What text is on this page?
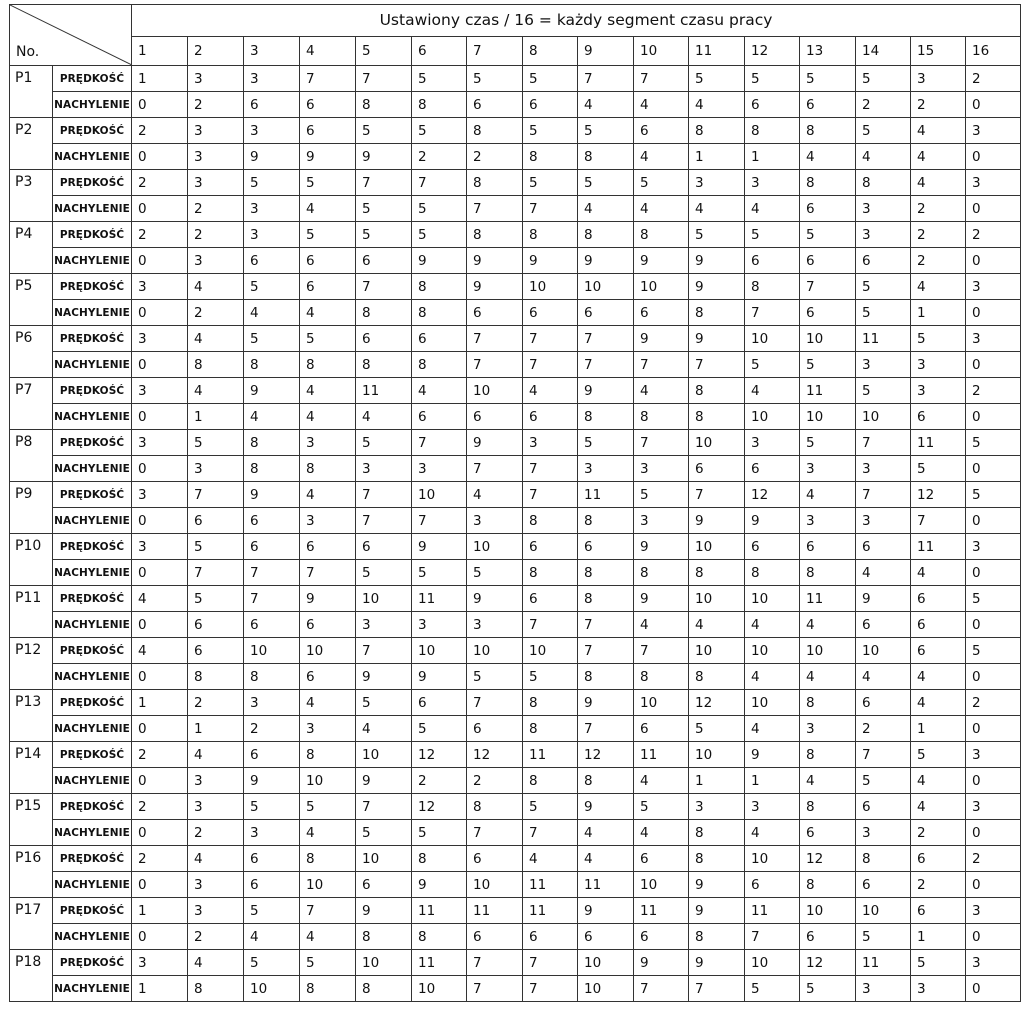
No.		Ustawiony czas / 16 = każdy segment czasu pracy															
		1	2	3	4	5	6	7	8	9	10	11	12	13	14	15	16
P1	PRĘDKOŚĆ	1	3	3	7	7	5	5	5	7	7	5	5	5	5	3	2
	NACHYLENIE	0	2	6	6	8	8	6	6	4	4	4	6	6	2	2	0
P2	PRĘDKOŚĆ	2	3	3	6	5	5	8	5	5	6	8	8	8	5	4	3
	NACHYLENIE	0	3	9	9	9	2	2	8	8	4	1	1	4	4	4	0
P3	PRĘDKOŚĆ	2	3	5	5	7	7	8	5	5	5	3	3	8	8	4	3
	NACHYLENIE	0	2	3	4	5	5	7	7	4	4	4	4	6	3	2	0
P4	PRĘDKOŚĆ	2	2	3	5	5	5	8	8	8	8	5	5	5	3	2	2
	NACHYLENIE	0	3	6	6	6	9	9	9	9	9	9	6	6	6	2	0
P5	PRĘDKOŚĆ	3	4	5	6	7	8	9	10	10	10	9	8	7	5	4	3
	NACHYLENIE	0	2	4	4	8	8	6	6	6	6	8	7	6	5	1	0
P6	PRĘDKOŚĆ	3	4	5	5	6	6	7	7	7	9	9	10	10	11	5	3
	NACHYLENIE	0	8	8	8	8	8	7	7	7	7	7	5	5	3	3	0
P7	PRĘDKOŚĆ	3	4	9	4	11	4	10	4	9	4	8	4	11	5	3	2
	NACHYLENIE	0	1	4	4	4	6	6	6	8	8	8	10	10	10	6	0
P8	PRĘDKOŚĆ	3	5	8	3	5	7	9	3	5	7	10	3	5	7	11	5
	NACHYLENIE	0	3	8	8	3	3	7	7	3	3	6	6	3	3	5	0
P9	PRĘDKOŚĆ	3	7	9	4	7	10	4	7	11	5	7	12	4	7	12	5
	NACHYLENIE	0	6	6	3	7	7	3	8	8	3	9	9	3	3	7	0
P10	PRĘDKOŚĆ	3	5	6	6	6	9	10	6	6	9	10	6	6	6	11	3
	NACHYLENIE	0	7	7	7	5	5	5	8	8	8	8	8	8	4	4	0
P11	PRĘDKOŚĆ	4	5	7	9	10	11	9	6	8	9	10	10	11	9	6	5
	NACHYLENIE	0	6	6	6	3	3	3	7	7	4	4	4	4	6	6	0
P12	PRĘDKOŚĆ	4	6	10	10	7	10	10	10	7	7	10	10	10	10	6	5
	NACHYLENIE	0	8	8	6	9	9	5	5	8	8	8	4	4	4	4	0
P13	PRĘDKOŚĆ	1	2	3	4	5	6	7	8	9	10	12	10	8	6	4	2
	NACHYLENIE	0	1	2	3	4	5	6	8	7	6	5	4	3	2	1	0
P14	PRĘDKOŚĆ	2	4	6	8	10	12	12	11	12	11	10	9	8	7	5	3
	NACHYLENIE	0	3	9	10	9	2	2	8	8	4	1	1	4	5	4	0
P15	PRĘDKOŚĆ	2	3	5	5	7	12	8	5	9	5	3	3	8	6	4	3
	NACHYLENIE	0	2	3	4	5	5	7	7	4	4	8	4	6	3	2	0
P16	PRĘDKOŚĆ	2	4	6	8	10	8	6	4	4	6	8	10	12	8	6	2
	NACHYLENIE	0	3	6	10	6	9	10	11	11	10	9	6	8	6	2	0
P17	PRĘDKOŚĆ	1	3	5	7	9	11	11	11	9	11	9	11	10	10	6	3
	NACHYLENIE	0	2	4	4	8	8	6	6	6	6	8	7	6	5	1	0
P18	PRĘDKOŚĆ	3	4	5	5	10	11	7	7	10	9	9	10	12	11	5	3
	NACHYLENIE	1	8	10	8	8	10	7	7	10	7	7	5	5	3	3	0
